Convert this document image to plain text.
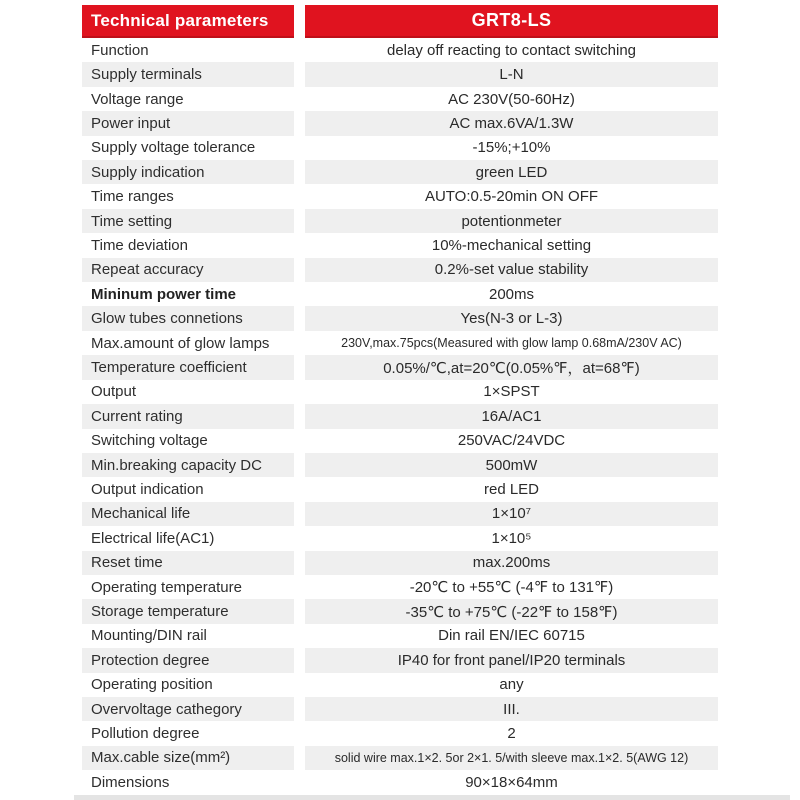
Technical parameters	GRT8-LS
Function	delay off reacting to contact switching
Supply terminals	L-N
Voltage range	AC 230V(50-60Hz)
Power input	AC max.6VA/1.3W
Supply voltage tolerance	-15%;+10%
Supply indication	green LED
Time ranges	AUTO:0.5-20min ON OFF
Time setting	potentionmeter
Time deviation	10%-mechanical setting
Repeat accuracy	0.2%-set value stability
Mininum power time	200ms
Glow tubes connetions	Yes(N-3 or L-3)
Max.amount of glow lamps	230V,max.75pcs(Measured with glow lamp 0.68mA/230V AC)
Temperature coefficient	0.05%/℃,at=20℃(0.05%℉，at=68℉)
Output	1×SPST
Current rating	16A/AC1
Switching voltage	250VAC/24VDC
Min.breaking capacity DC	500mW
Output indication	red LED
Mechanical life	1×10⁷
Electrical life(AC1)	1×10⁵
Reset time	max.200ms
Operating temperature	-20℃ to +55℃ (-4℉ to 131℉)
Storage temperature	-35℃ to +75℃ (-22℉ to 158℉)
Mounting/DIN rail	Din rail EN/IEC 60715
Protection degree	IP40 for front panel/IP20 terminals
Operating position	any
Overvoltage cathegory	III.
Pollution degree	2
Max.cable size(mm²)	solid wire max.1×2. 5or 2×1. 5/with sleeve max.1×2. 5(AWG 12)
Dimensions	90×18×64mm
